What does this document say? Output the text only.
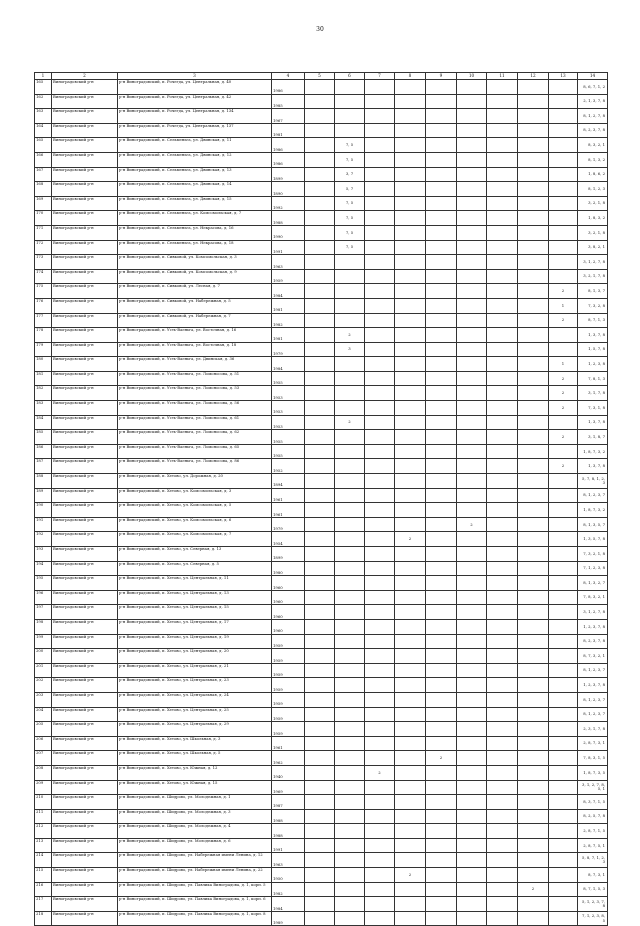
30
1	2	3	4	5	6	7	8	9	10	11	12	13	14
165	Виноградовский р-н	р-н Виноградовский, п. Рочегда, ул. Центральная, д. 40	1986										8, 6, 7, 1, 2
162	Виноградовский р-н	р-н Виноградовский, п. Рочегда, ул. Центральная, д. 42	1985										2, 1, 3, 7, 8
163	Виноградовский р-н	р-н Виноградовский, п. Рочегда, ул. Центральная, д. 134	1967										8, 1, 2, 7, 8
164	Виноградовский р-н	р-н Виноградовский, п. Рочегда, ул. Центральная, д. 137	1981										8, 2, 3, 7, 8
165	Виноградовский р-н	р-н Виноградовский, п. Сельменьга, ул. Двинская, д. 11	1986		7, 5								8, 3, 2, 1
166	Виноградовский р-н	р-н Виноградовский, п. Сельменьга, ул. Двинская, д. 12	1986		7, 5								8, 1, 3, 2
167	Виноградовский р-н	р-н Виноградовский, п. Сельменьга, ул. Двинская, д. 13	1899		3, 7								1, 8, 6, 2
168	Виноградовский р-н	р-н Виноградовский, п. Сельменьга, ул. Двинская, д. 14	1890		5, 7								8, 1, 2, 3
169	Виноградовский р-н	р-н Виноградовский, п. Сельменьга, ул. Двинская, д. 15	1992		7, 5								3, 2, 1, 8
170	Виноградовский р-н	р-н Виноградовский, п. Сельменьга, ул. Комсомольская, д. 7	1988		7, 5								1, 8, 3, 2
171	Виноградовский р-н	р-н Виноградовский, п. Сельменьга, ул. Некрасова, д. 16	1990		7, 5								3, 2, 1, 8
172	Виноградовский р-н	р-н Виноградовский, п. Сельменьга, ул. Некрасова, д. 18	1991		7, 5								3, 8, 2, 1
173	Виноградовский р-н	р-н Виноградовский, п. Сивковой, ул. Комсомольская, д. 3	1963										3, 1, 2, 7, 8
174	Виноградовский р-н	р-н Виноградовский, п. Сивковой, ул. Комсомольская, д. 9	1959										3, 2, 1, 7, 8
175	Виноградовский р-н	р-н Виноградовский, п. Сивковой, ул. Лесная, д. 7	1984									2	8, 1, 3, 7
176	Виноградовский р-н	р-н Виноградовский, п. Сивковой, ул. Набережная, д. 5	1981									1	7, 3, 2, 8
177	Виноградовский р-н	р-н Виноградовский, п. Сивковой, ул. Набережная, д. 7	1982									2	8, 7, 1, 3
178	Виноградовский р-н	р-н Виноградовский, п. Усть-Ваеньга, ул. Восточная, д. 16	1981		2								1, 3, 7, 8
179	Виноградовский р-н	р-н Виноградовский, п. Усть-Ваеньга, ул. Восточная, д. 18	1979		3								1, 5, 7, 8
180	Виноградовский р-н	р-н Виноградовский, п. Усть-Ваеньга, ул. Двинская, д. 36	1984									1	1, 2, 3, 8
181	Виноградовский р-н	р-н Виноградовский, п. Усть-Ваеньга, ул. Ломоносова, д. 51	1955									2	7, 8, 1, 3
182	Виноградовский р-н	р-н Виноградовский, п. Усть-Ваеньга, ул. Ломоносова, д. 53	1953									2	3, 1, 7, 8
183	Виноградовский р-н	р-н Виноградовский, п. Усть-Ваеньга, ул. Ломоносова, д. 56	1953									2	7, 3, 1, 8
184	Виноградовский р-н	р-н Виноградовский, п. Усть-Ваеньга, ул. Ломоносова, д. 61	1953		2								1, 3, 7, 8
185	Виноградовский р-н	р-н Виноградовский, п. Усть-Ваеньга, ул. Ломоносова, д. 62	1955									2	3, 1, 8, 7
186	Виноградовский р-н	р-н Виноградовский, п. Усть-Ваеньга, ул. Ломоносова, д. 65	1955										1, 8, 7, 3, 2
187	Виноградовский р-н	р-н Виноградовский, п. Усть-Ваеньга, ул. Ломоносова, д. 86	1952									2	1, 3, 7, 8
188	Виноградовский р-н	р-н Виноградовский, п. Хетово, ул. Дорожная, д. 20	1894										5, 7, 8, 1, 2, 3
189	Виноградовский р-н	р-н Виноградовский, п. Хетово, ул. Комсомольская, д. 3	1961										8, 1, 2, 3, 7
190	Виноградовский р-н	р-н Виноградовский, п. Хетово, ул. Комсомольская, д. 5	1961										1, 8, 7, 3, 2
191	Виноградовский р-н	р-н Виноградовский, п. Хетово, ул. Комсомольская, д. 6	1979						2				8, 1, 3, 5, 7
192	Виноградовский р-н	р-н Виноградовский, п. Хетово, ул. Комсомольская, д. 7	1954				2						1, 3, 5, 7, 8
193	Виноградовский р-н	р-н Виноградовский, п. Хетово, ул. Северная, д. 13	1899										7, 3, 2, 1, 8
194	Виноградовский р-н	р-н Виноградовский, п. Хетово, ул. Северная, д. 5	1980										7, 1, 2, 3, 8
195	Виноградовский р-н	р-н Виноградовский, п. Хетово, ул. Центральная, д. 11	1960										8, 1, 3, 2, 7
196	Виноградовский р-н	р-н Виноградовский, п. Хетово, ул. Центральная, д. 13	1960										7, 8, 3, 2, 1
197	Виноградовский р-н	р-н Виноградовский, п. Хетово, ул. Центральная, д. 15	1960										3, 1, 2, 7, 8
198	Виноградовский р-н	р-н Виноградовский, п. Хетово, ул. Центральная, д. 17	1960										1, 2, 3, 7, 8
199	Виноградовский р-н	р-н Виноградовский, п. Хетово, ул. Центральная, д. 19	1959										8, 2, 3, 7, 8
200	Виноградовский р-н	р-н Виноградовский, п. Хетово, ул. Центральная, д. 20	1959										8, 7, 3, 2, 1
201	Виноградовский р-н	р-н Виноградовский, п. Хетово, ул. Центральная, д. 21	1959										8, 1, 2, 3, 7
202	Виноградовский р-н	р-н Виноградовский, п. Хетово, ул. Центральная, д. 23	1959										1, 2, 3, 7, 8
203	Виноградовский р-н	р-н Виноградовский, п. Хетово, ул. Центральная, д. 24	1959										8, 1, 2, 3, 7
204	Виноградовский р-н	р-н Виноградовский, п. Хетово, ул. Центральная, д. 25	1959										8, 1, 2, 3, 7
205	Виноградовский р-н	р-н Виноградовский, п. Хетово, ул. Центральная, д. 29	1959										2, 3, 1, 7, 8
206	Виноградовский р-н	р-н Виноградовский, п. Хетово, ул. Школьная, д. 3	1961										2, 8, 7, 3, 1
207	Виноградовский р-н	р-н Виноградовский, п. Хетово, ул. Школьная, д. 5	1962					2					7, 8, 3, 1, 5
208	Виноградовский р-н	р-н Виноградовский, п. Хетово, ул. Южная, д. 12	1940			2							1, 8, 7, 3, 5
209	Виноградовский р-н	р-н Виноградовский, п. Хетово, ул. Южная, д. 15	1969										3, 1, 2, 7, 8, 5, 1
210	Виноградовский р-н	р-н Виноградовский, п. Шидрово, ул. Молодежная, д. 1	1987										8, 3, 7, 1, 5
211	Виноградовский р-н	р-н Виноградовский, п. Шидрово, ул. Молодежная, д. 3	1988										8, 2, 5, 7, 8
212	Виноградовский р-н	р-н Виноградовский, п. Шидрово, ул. Молодежная, д. 4	1988										2, 8, 7, 1, 5
213	Виноградовский р-н	р-н Виноградовский, п. Шидрово, ул. Молодежная, д. 6	1991										2, 8, 7, 5, 1
214	Виноградовский р-н	р-н Виноградовский, п. Шидрово, ул. Набережная имени Ленина, д. 12	1963										5, 8, 7, 1, 2, 3
215	Виноградовский р-н	р-н Виноградовский, п. Шидрово, ул. Набережная имени Ленина, д. 22	1950				2						8, 7, 3, 1
216	Виноградовский р-н	р-н Виноградовский, п. Шидрово, ул. Павлика Виноградова, д. 1, корп. 5	1982								2		8, 7, 1, 5, 3
217	Виноградовский р-н	р-н Виноградовский, п. Шидрово, ул. Павлика Виноградова, д. 1, корп. 6	1984										5, 1, 2, 3, 7, 8
218	Виноградовский р-н	р-н Виноградовский, п. Шидрово, ул. Павлика Виноградова, д. 1, корп. 8	1989										7, 1, 2, 3, 8, 5
